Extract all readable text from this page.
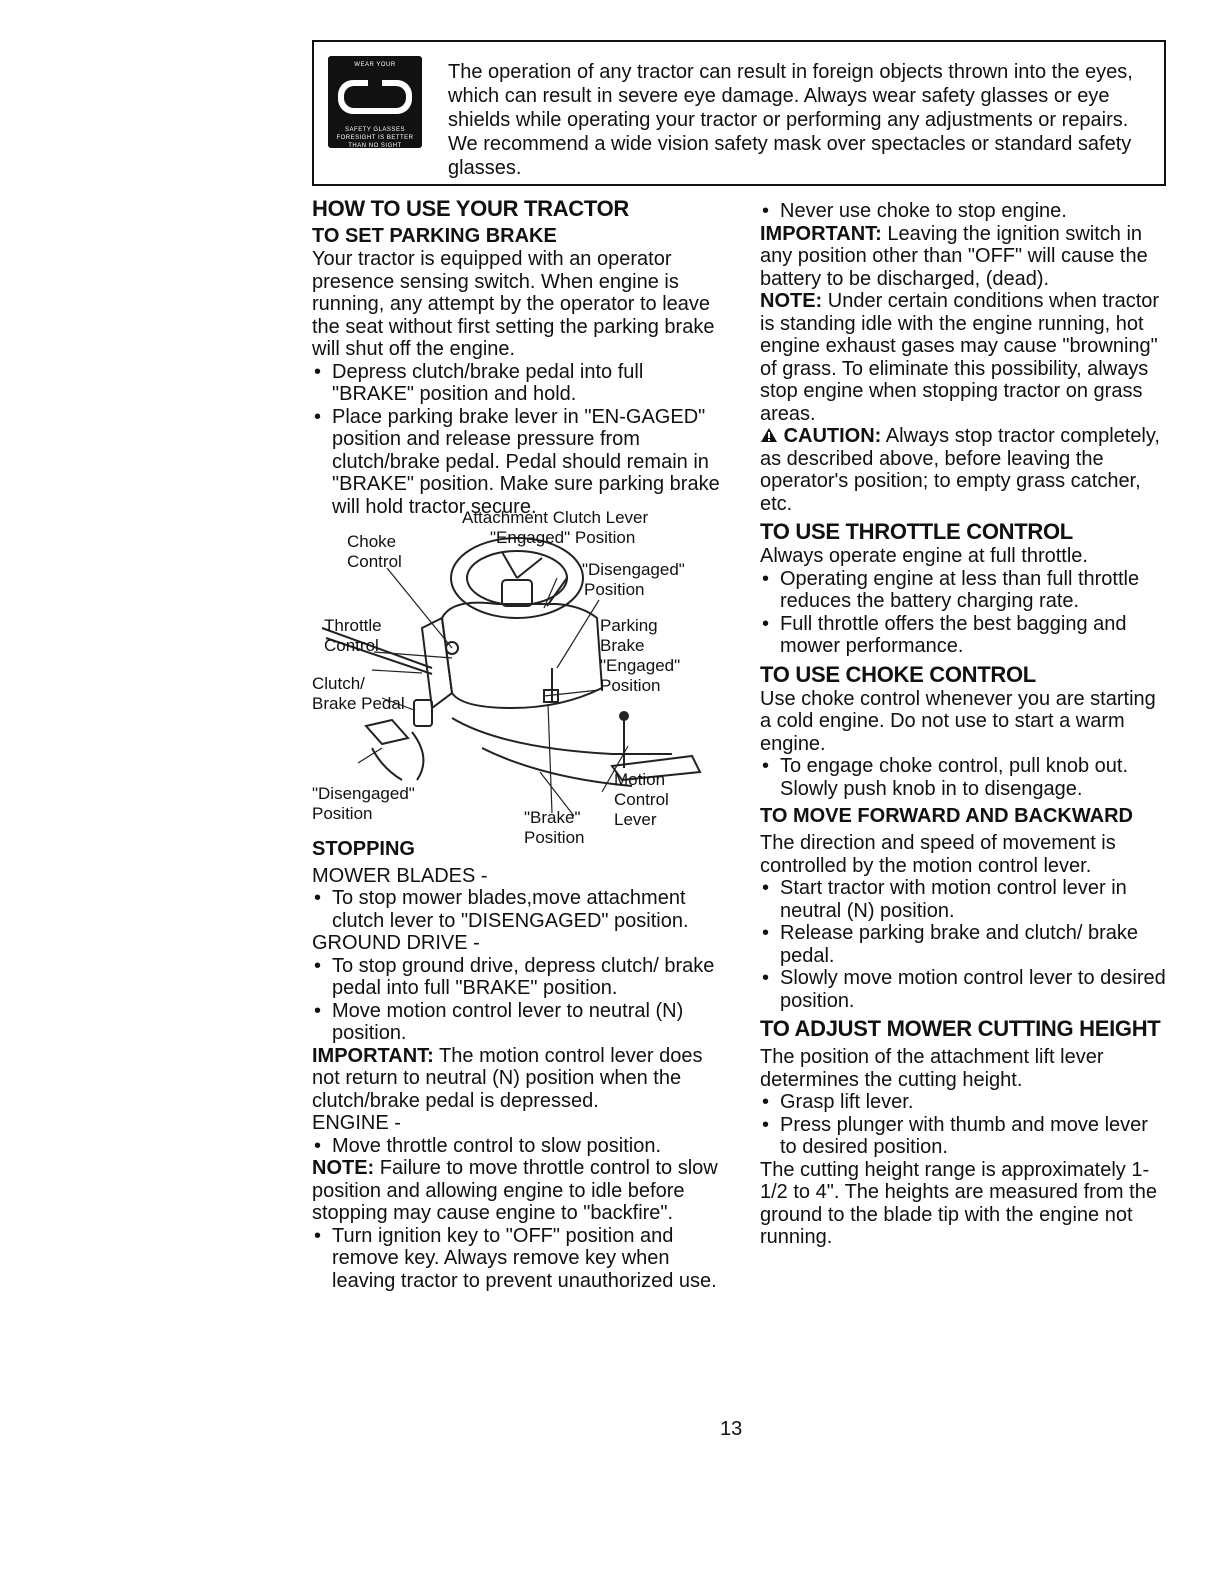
WEAR YOUR
SAFETY GLASSES
FORESIGHT IS BETTER THAN NO SIGHT

The operation of any tractor can result in foreign objects thrown into the eyes, which can result in severe eye damage. Always wear safety glasses or eye shields while operating your tractor or performing any adjustments or repairs. We recommend a wide vision safety mask over spectacles or standard safety glasses.

HOW TO USE YOUR TRACTOR

TO SET PARKING BRAKE

Your tractor is equipped with an operator presence sensing switch. When engine is running, any attempt by the operator to leave the seat without first setting the parking brake will shut off the engine.

• Depress clutch/brake pedal into full "BRAKE" position and hold.
• Place parking brake lever in "EN-GAGED" position and release pressure from clutch/brake pedal. Pedal should remain in "BRAKE" position. Make sure parking brake will hold tractor secure.
Attachment Clutch Lever
"Engaged" Position
Choke
Control	"Disengaged"
Position
Throttle
Control
Parking
Brake
"Engaged"
Position
Clutch/
Brake Pedal
Motion
Control
Lever
"Disengaged"
Position	"Brake"
Position

STOPPING

MOWER BLADES -

• To stop mower blades,move attachment clutch lever to "DISENGAGED" position.

GROUND DRIVE -

• To stop ground drive, depress clutch/ brake pedal into full "BRAKE" position.
• Move motion control lever to neutral (N) position.

IMPORTANT: The motion control lever does not return to neutral (N) position when the clutch/brake pedal is depressed.

ENGINE -

• Move throttle control to slow position.

NOTE: Failure to move throttle control to slow position and allowing engine to idle before stopping may cause engine to "backfire".

• Turn ignition key to "OFF" position and remove key. Always remove key when leaving tractor to prevent unauthorized use.
• Never use choke to stop engine.

IMPORTANT: Leaving the ignition switch in any position other than "OFF" will cause the battery to be discharged, (dead).

NOTE: Under certain conditions when tractor is standing idle with the engine running, hot engine exhaust gases may cause "browning" of grass. To eliminate this possibility, always stop engine when stopping tractor on grass areas.

CAUTION: Always stop tractor completely, as described above, before leaving the operator's position; to empty grass catcher, etc.

TO USE THROTTLE CONTROL

Always operate engine at full throttle.

• Operating engine at less than full throttle reduces the battery charging rate.
• Full throttle offers the best bagging and mower performance.

TO USE CHOKE CONTROL

Use choke control whenever you are starting a cold engine. Do not use to start a warm engine.

• To engage choke control, pull knob out. Slowly push knob in to disengage.

TO MOVE FORWARD AND BACKWARD

The direction and speed of movement is controlled by the motion control lever.

• Start tractor with motion control lever in neutral (N) position.
• Release parking brake and clutch/ brake pedal.
• Slowly move motion control lever to desired position.

TO ADJUST MOWER CUTTING HEIGHT

The position of the attachment lift lever determines the cutting height.

• Grasp lift lever.
• Press plunger with thumb and move lever to desired position.

The cutting height range is approximately 1-1/2 to 4". The heights are measured from the ground to the blade tip with the engine not running.

13
